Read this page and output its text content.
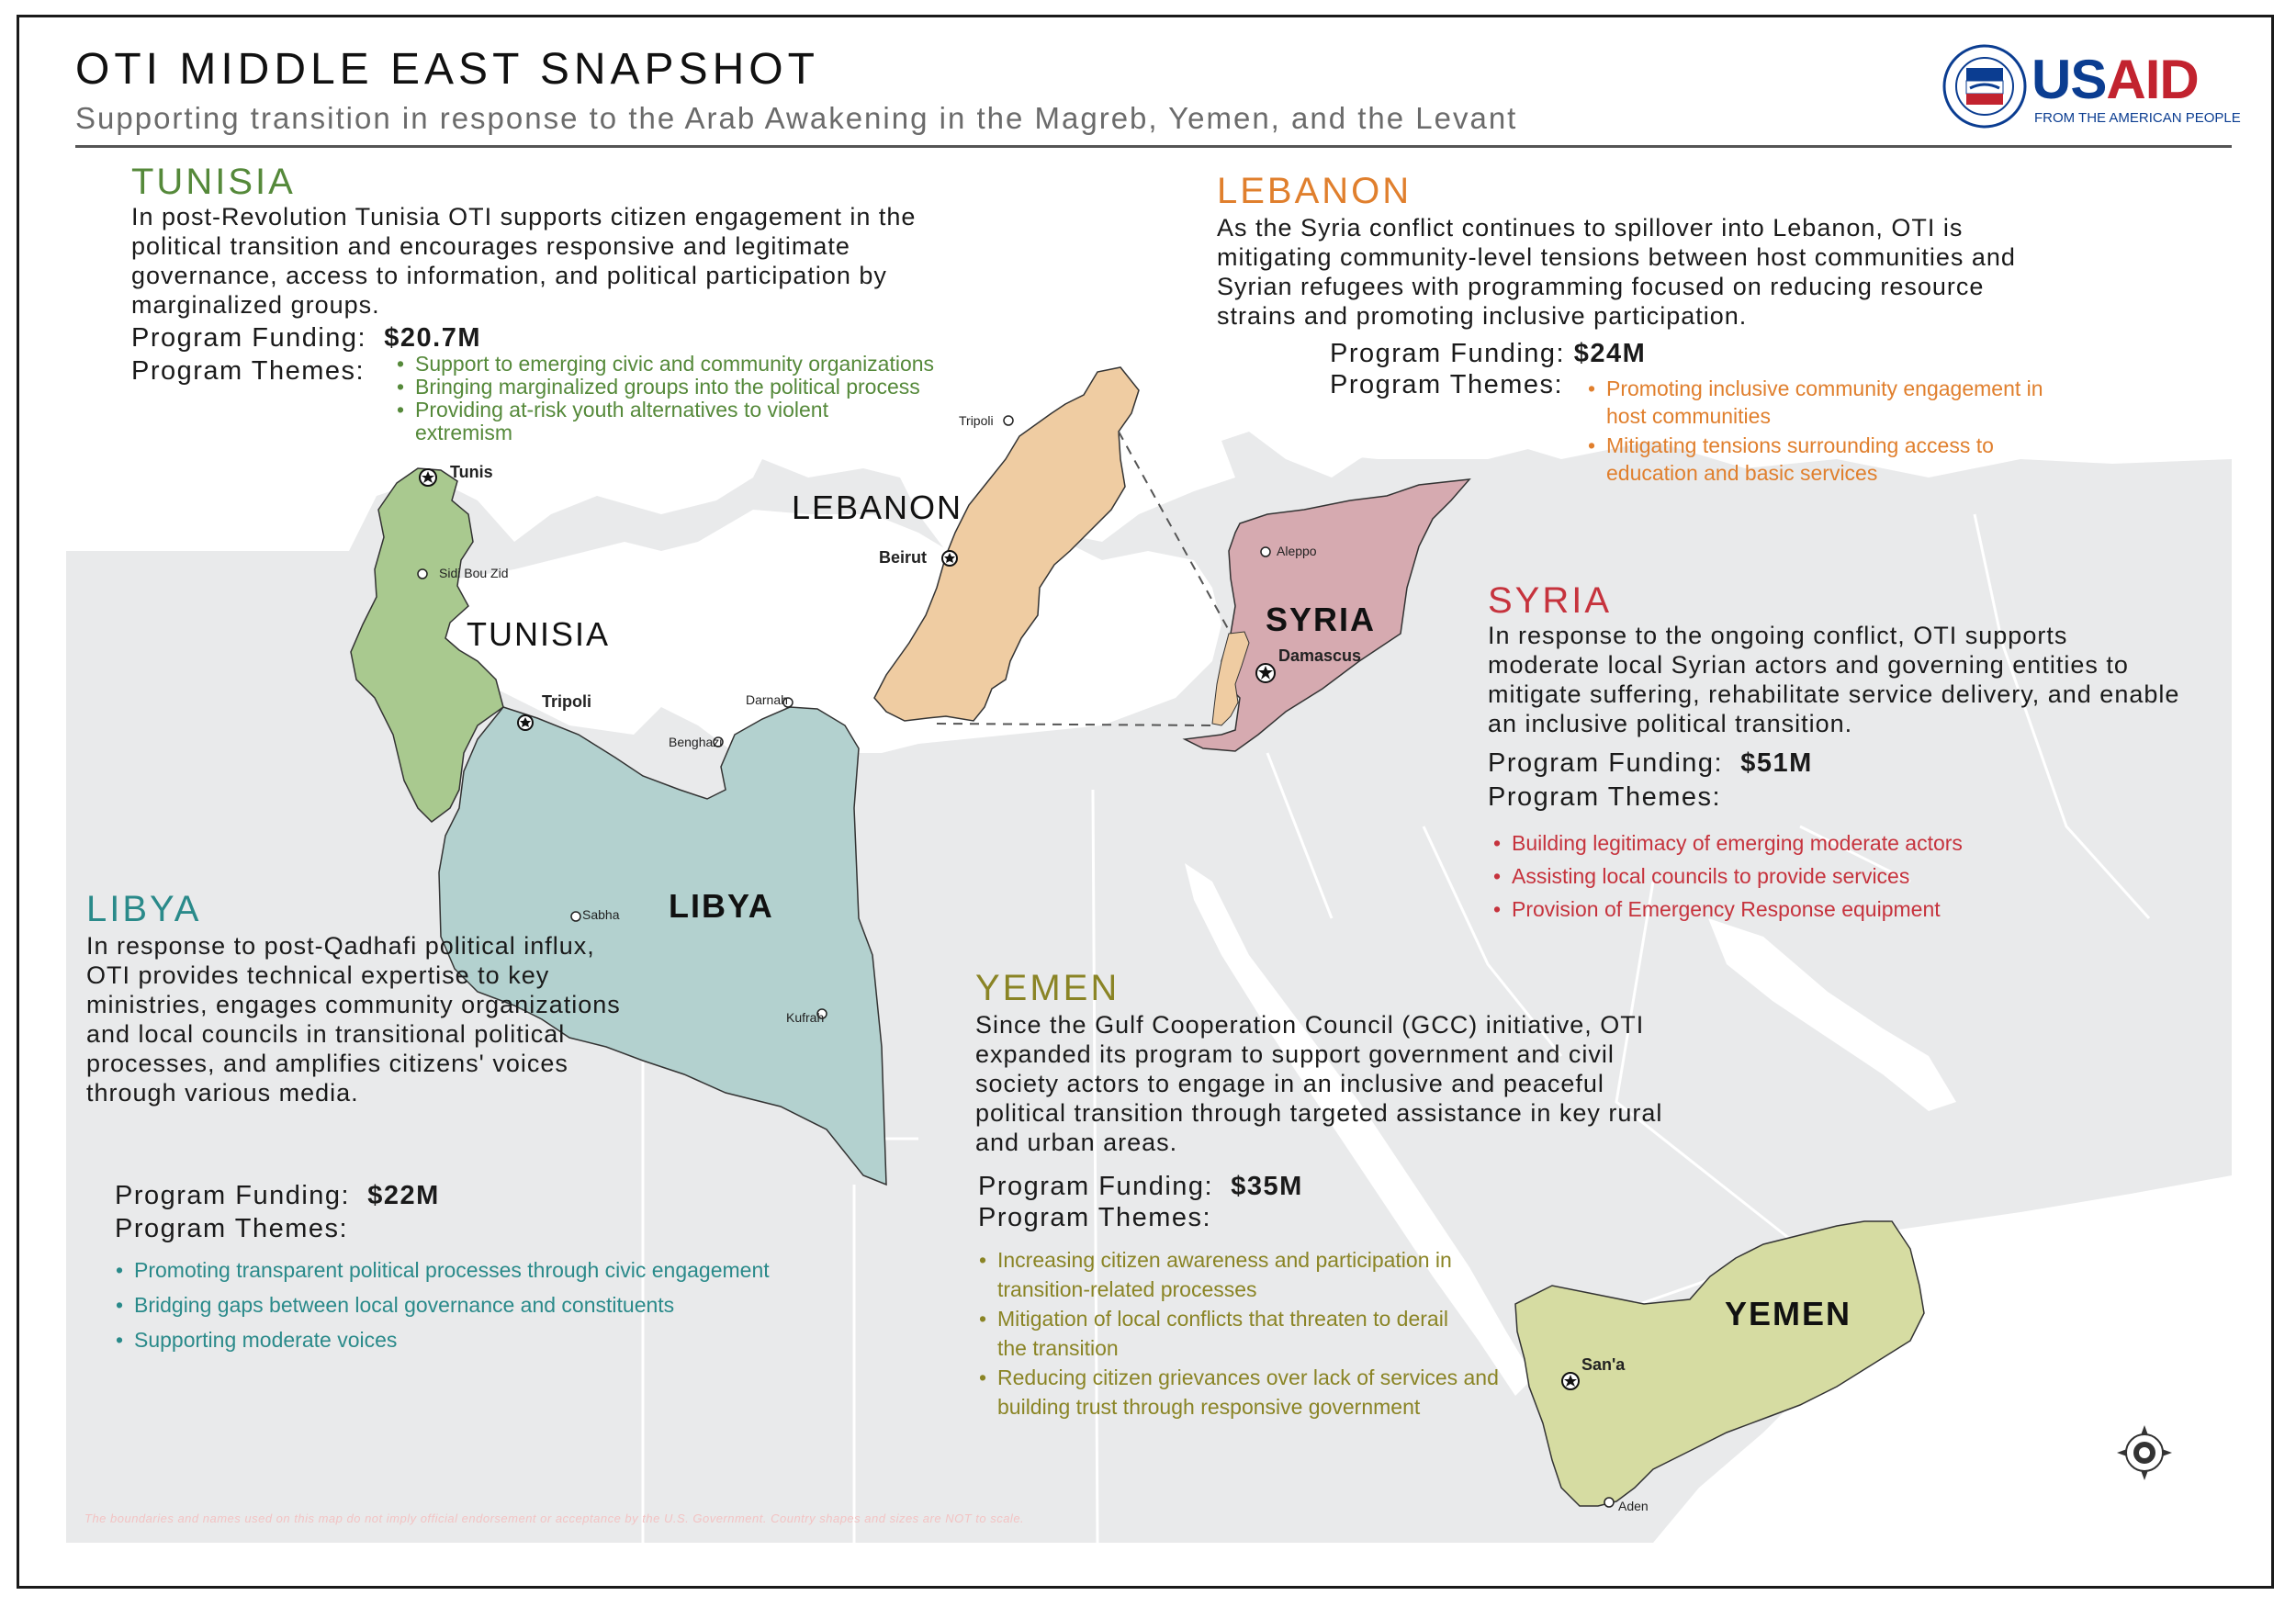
OTI MIDDLE EAST SNAPSHOT
Supporting transition in response to the Arab Awakening in the Magreb, Yemen, and the Levant
USAID
FROM THE AMERICAN PEOPLE
TUNISIA
In post-Revolution Tunisia OTI supports citizen engagement in the political transition and encourages responsive and legitimate governance, access to information, and political participation by marginalized groups.
Program Funding: $20.7M
Program Themes:	• Support to emerging civic and community organizations
• Bringing marginalized groups into the political process
• Providing at-risk youth alternatives to violent extremism
LEBANON
As the Syria conflict continues to spillover into Lebanon, OTI is mitigating community-level tensions between host communities and Syrian refugees with programming focused on reducing resource strains and promoting inclusive participation.
Program Funding: $24M
Program Themes:	• Promoting inclusive community engagement in host communities
• Mitigating tensions surrounding access to education and basic services
SYRIA
In response to the ongoing conflict, OTI supports moderate local Syrian actors and governing entities to mitigate suffering, rehabilitate service delivery, and enable an inclusive political transition.
Program Funding: $51M
Program Themes:
• Building legitimacy of emerging moderate actors
• Assisting local councils to provide services
• Provision of Emergency Response equipment
LIBYA
In response to post-Qadhafi political influx, OTI provides technical expertise to key ministries, engages community organizations and local councils in transitional political processes, and amplifies citizens' voices through various media.
Program Funding: $22M
Program Themes:
• Promoting transparent political processes through civic engagement
• Bridging gaps between local governance and constituents
• Supporting moderate voices
YEMEN
Since the Gulf Cooperation Council (GCC) initiative, OTI expanded its program to support government and civil society actors to engage in an inclusive and peaceful political transition through targeted assistance in key rural and urban areas.
Program Funding: $35M
Program Themes:
• Increasing citizen awareness and participation in transition-related processes
• Mitigation of local conflicts that threaten to derail the transition
• Reducing citizen grievances over lack of services and building trust through responsive government
TUNISIA
LIBYA
LEBANON
SYRIA
YEMEN
Tunis
Sidi Bou Zid
Tripoli
Benghazi
Darnah
Sabha
Kufrah
Tripoli
Beirut	Aleppo
Damascus
San'a
Aden
The boundaries and names used on this map do not imply official endorsement or acceptance by the U.S. Government. Country shapes and sizes are NOT to scale.
